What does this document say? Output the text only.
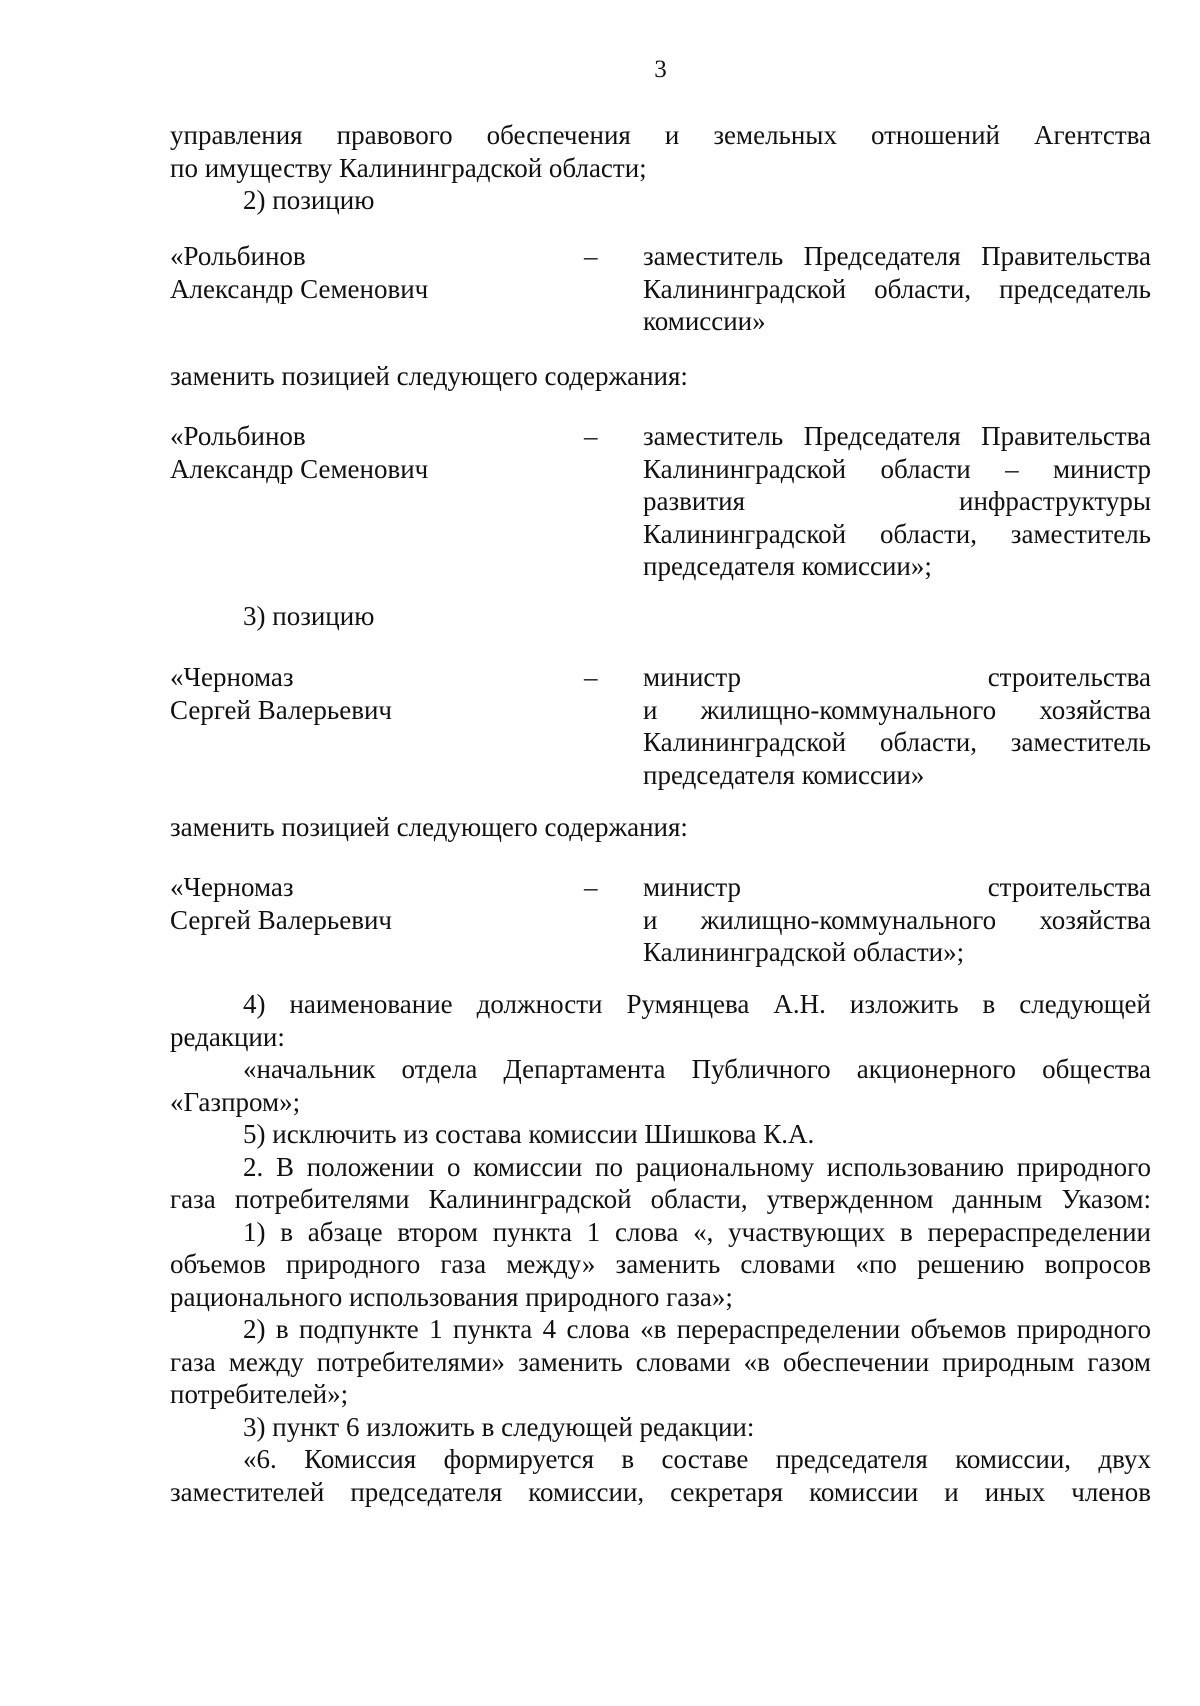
3
управления правового обеспечения и земельных отношений Агентства
по имуществу Калининградской области;
2) позицию
«Рольбинов
Александр Семенович
–	заместитель Председателя Правительства
Калининградской области, председатель
комиссии»
заменить позицией следующего содержания:
«Рольбинов
Александр Семенович
–	заместитель Председателя Правительства
Калининградской области – министр
развития инфраструктуры
Калининградской области, заместитель
председателя комиссии»;
3) позицию
«Черномаз
Сергей Валерьевич
–	министр строительства
и жилищно-коммунального хозяйства
Калининградской области, заместитель
председателя комиссии»
заменить позицией следующего содержания:
«Черномаз
Сергей Валерьевич
–	министр строительства
и жилищно-коммунального хозяйства
Калининградской области»;
4) наименование должности Румянцева А.Н. изложить в следующей
редакции:
«начальник отдела Департамента Публичного акционерного общества
«Газпром»;
5) исключить из состава комиссии Шишкова К.А.
2. В положении о комиссии по рациональному использованию природного
газа потребителями Калининградской области, утвержденном данным Указом:
1) в абзаце втором пункта 1 слова «, участвующих в перераспределении
объемов природного газа между» заменить словами «по решению вопросов
рационального использования природного газа»;
2) в подпункте 1 пункта 4 слова «в перераспределении объемов природного
газа между потребителями» заменить словами «в обеспечении природным газом
потребителей»;
3) пункт 6 изложить в следующей редакции:
«6. Комиссия формируется в составе председателя комиссии, двух
заместителей председателя комиссии, секретаря комиссии и иных членов
